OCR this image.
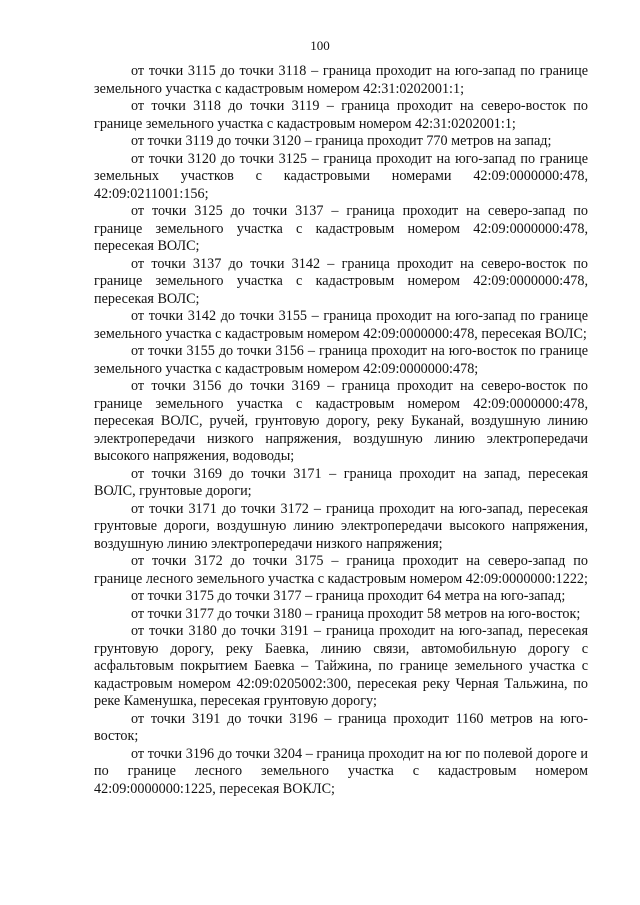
100

от точки 3115 до точки 3118 – граница проходит на юго-запад по границе земельного участка с кадастровым номером 42:31:0202001:1;

от точки 3118 до точки 3119 – граница проходит на северо-восток по границе земельного участка с кадастровым номером 42:31:0202001:1;

от точки 3119 до точки 3120 – граница проходит 770 метров на запад;

от точки 3120 до точки 3125 – граница проходит на юго-запад по границе земельных участков с кадастровыми номерами 42:09:0000000:478, 42:09:0211001:156;

от точки 3125 до точки 3137 – граница проходит на северо-запад по границе земельного участка с кадастровым номером 42:09:0000000:478, пересекая ВОЛС;

от точки 3137 до точки 3142 – граница проходит на северо-восток по границе земельного участка с кадастровым номером 42:09:0000000:478, пересекая ВОЛС;

от точки 3142 до точки 3155 – граница проходит на юго-запад по границе земельного участка с кадастровым номером 42:09:0000000:478, пересекая ВОЛС;

от точки 3155 до точки 3156 – граница проходит на юго-восток по границе земельного участка с кадастровым номером 42:09:0000000:478;

от точки 3156 до точки 3169 – граница проходит на северо-восток по границе земельного участка с кадастровым номером 42:09:0000000:478, пересекая ВОЛС, ручей, грунтовую дорогу, реку Буканай, воздушную линию электропередачи низкого напряжения, воздушную линию электропередачи высокого напряжения, водоводы;

от точки 3169 до точки 3171 – граница проходит на запад, пересекая ВОЛС, грунтовые дороги;

от точки 3171 до точки 3172 – граница проходит на юго-запад, пересекая грунтовые дороги, воздушную линию электропередачи высокого напряжения, воздушную линию электропередачи низкого напряжения;

от точки 3172 до точки 3175 – граница проходит на северо-запад по границе лесного земельного участка с кадастровым номером 42:09:0000000:1222;

от точки 3175 до точки 3177 – граница проходит 64 метра на юго-запад;

от точки 3177 до точки 3180 – граница проходит 58 метров на юго-восток;

от точки 3180 до точки 3191 – граница проходит на юго-запад, пересекая грунтовую дорогу, реку Баевка, линию связи, автомобильную дорогу с асфальтовым покрытием Баевка – Тайжина, по границе земельного участка с кадастровым номером 42:09:0205002:300, пересекая реку Черная Тальжина, по реке Каменушка, пересекая грунтовую дорогу;

от точки 3191 до точки 3196 – граница проходит 1160 метров на юго-восток;

от точки 3196 до точки 3204 – граница проходит на юг по полевой дороге и по границе лесного земельного участка с кадастровым номером 42:09:0000000:1225, пересекая ВОКЛС;
